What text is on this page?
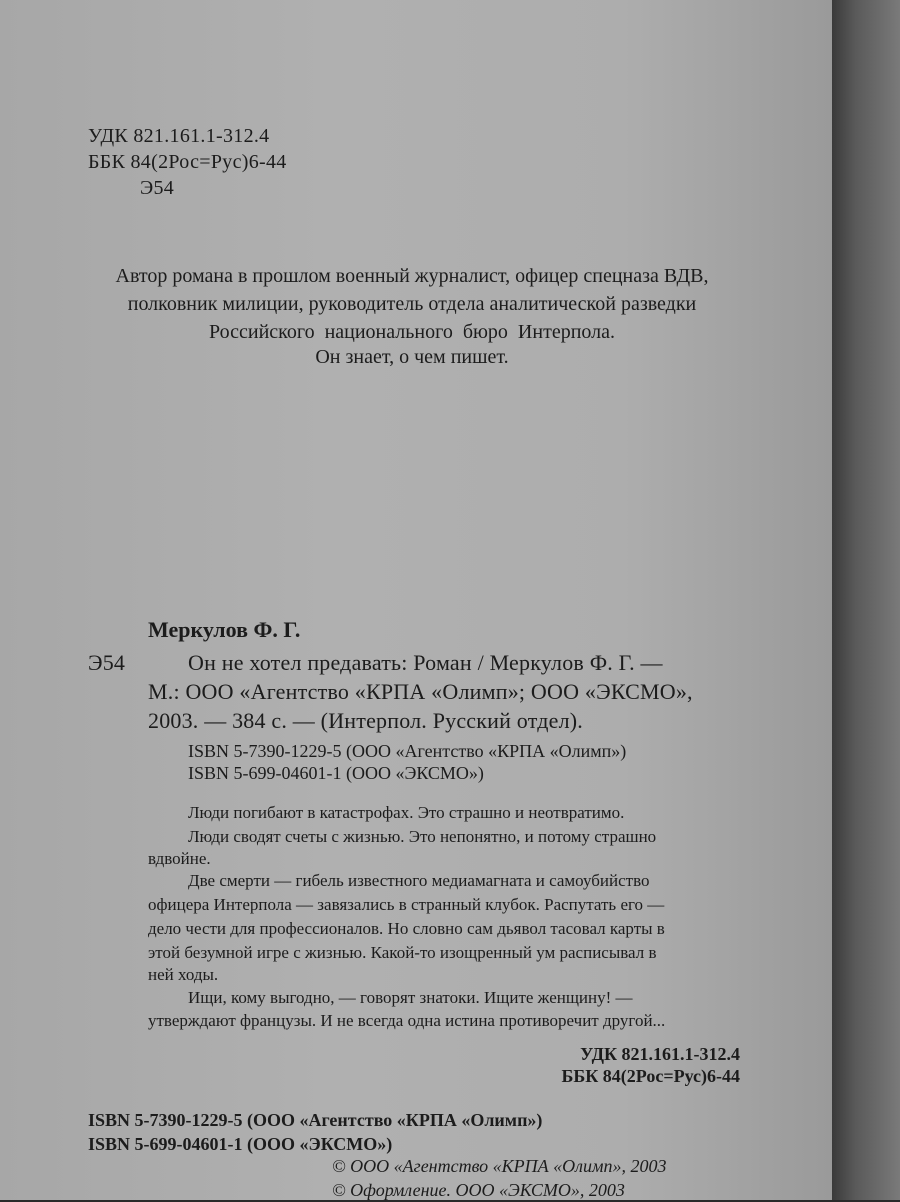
УДК 821.161.1-312.4
ББК 84(2Рос=Рус)6-44
Э54
Автор романа в прошлом военный журналист, офицер спецназа ВДВ,
полковник милиции, руководитель отдела аналитической разведки
Российского  национального  бюро  Интерпола.
Он знает, о чем пишет.
Меркулов Ф. Г.
Э54	Он не хотел предавать: Роман / Меркулов Ф. Г. —
М.: ООО «Агентство «КРПА «Олимп»; ООО «ЭКСМО»,
2003. — 384 с. — (Интерпол. Русский отдел).
ISBN 5-7390-1229-5 (ООО «Агентство «КРПА «Олимп»)
ISBN 5-699-04601-1 (ООО «ЭКСМО»)
Люди погибают в катастрофах. Это страшно и неотвратимо.
Люди сводят счеты с жизнью. Это непонятно, и потому страшно
вдвойне.
Две смерти — гибель известного медиамагната и самоубийство
офицера Интерпола — завязались в странный клубок. Распутать его —
дело чести для профессионалов. Но словно сам дьявол тасовал карты в
этой безумной игре с жизнью. Какой-то изощренный ум расписывал в
ней ходы.
Ищи, кому выгодно, — говорят знатоки. Ищите женщину! —
утверждают французы. И не всегда одна истина противоречит другой...
УДК 821.161.1-312.4
ББК 84(2Рос=Рус)6-44
ISBN 5-7390-1229-5 (ООО «Агентство «КРПА «Олимп»)
ISBN 5-699-04601-1 (ООО «ЭКСМО»)
© ООО «Агентство «КРПА «Олимп», 2003
© Оформление. ООО «ЭКСМО», 2003
